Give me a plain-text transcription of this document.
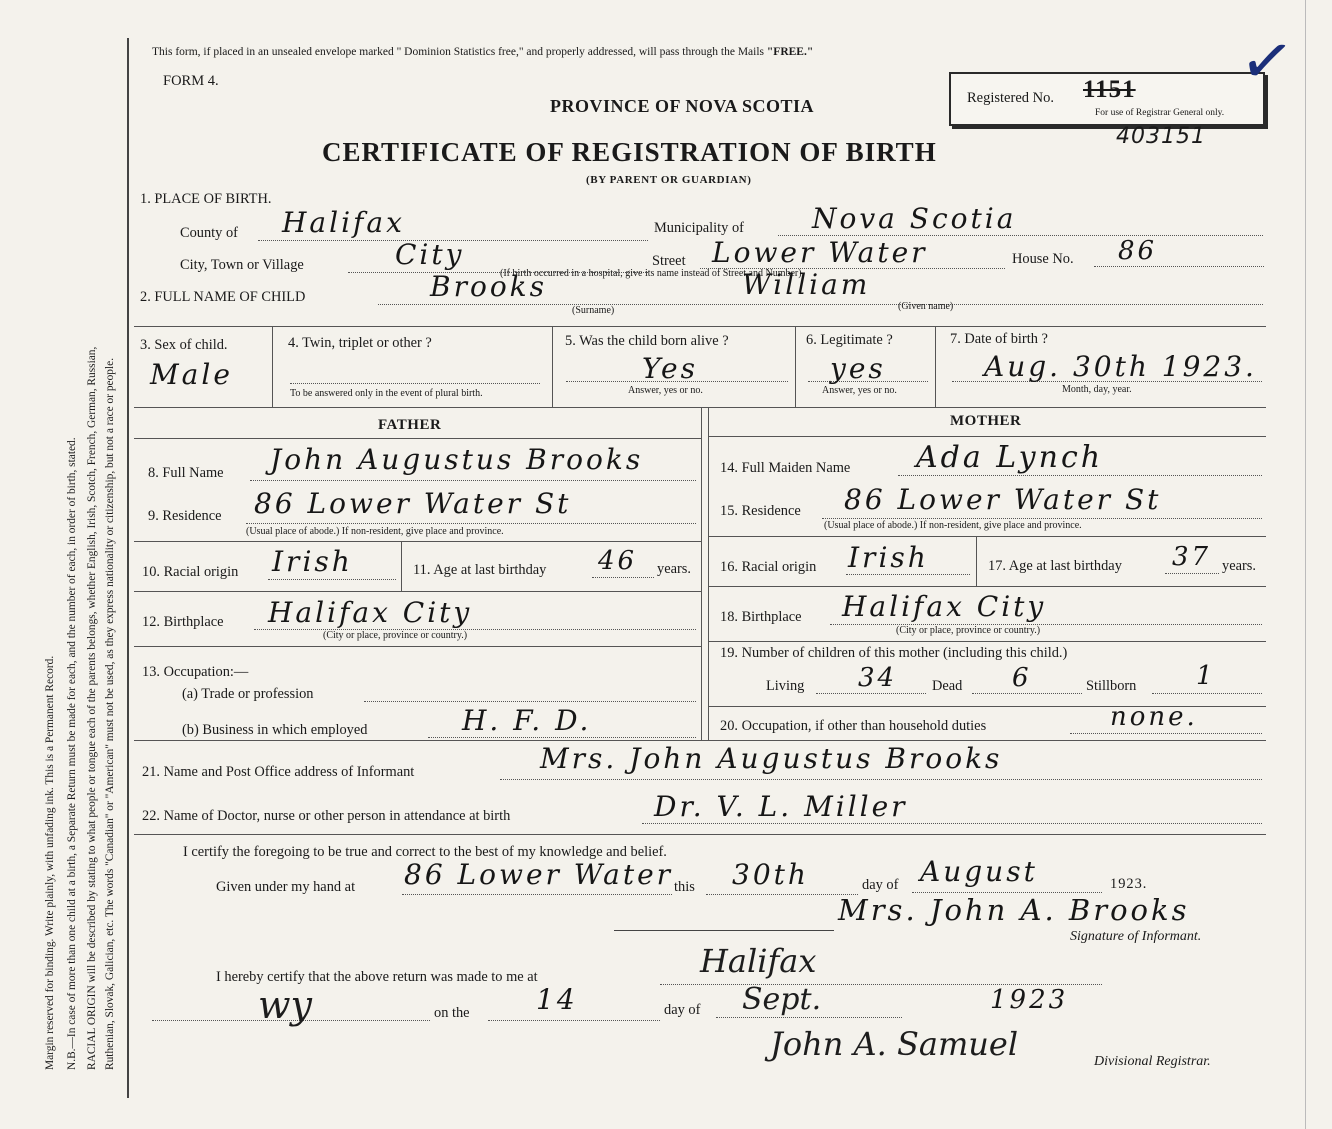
Margin reserved for binding. Write plainly, with unfading ink. This is a Permanent Record. N.B.—In case of more than one child at a birth, a Separate Return must be made for each, and the number of each, in order of birth, stated. RACIAL ORIGIN will be described by stating to what people or tongue each of the parents belongs, whether English, Irish, Scotch, French, German, Russian, Ruthenian, Slovak, Galician, etc. The words "Canadian" or "American" must not be used, as they express nationality or citizenship, but not a race or people.
This form, if placed in an unsealed envelope marked " Dominion Statistics free," and properly addressed, will pass through the Mails "FREE."
FORM 4.
PROVINCE OF NOVA SCOTIA
CERTIFICATE OF REGISTRATION OF BIRTH
(BY PARENT OR GUARDIAN)
Registered No. 1151
For use of Registrar General only.
✓
403151
1. PLACE OF BIRTH.
County of Halifax	Municipality of Nova Scotia
City, Town or Village	City	Street Lower Water
(If birth occurred in a hospital, give its name instead of Street and Number)
House No. 86
2. FULL NAME OF CHILD	Brooks	William
(Surname)	(Given name)
3. Sex of child.
Male
4. Twin, triplet or other ?
To be answered only in the event of plural birth.
5. Was the child born alive ?
Yes
Answer, yes or no.
6. Legitimate ?
yes
Answer, yes or no.
7. Date of birth ?
Aug. 30th 1923.
Month, day, year.
FATHER	MOTHER
8. Full Name John Augustus Brooks
9. Residence 86 Lower Water St
(Usual place of abode.) If non-resident, give place and province.
10. Racial origin Irish	11. Age at last birthday 46 years.
12. Birthplace Halifax City
(City or place, province or country.)
13. Occupation:—
(a) Trade or profession
(b) Business in which employed	H. F. D.
14. Full Maiden Name Ada Lynch
15. Residence 86 Lower Water St
(Usual place of abode.) If non-resident, give place and province.
16. Racial origin Irish	17. Age at last birthday 37 years.
18. Birthplace Halifax City
(City or place, province or country.)
19. Number of children of this mother (including this child.)
Living 34 Dead 6	Stillborn 1
20. Occupation, if other than household duties	none.
21. Name and Post Office address of Informant	Mrs. John Augustus Brooks
22. Name of Doctor, nurse or other person in attendance at birth	Dr. V. L. Miller
I certify the foregoing to be true and correct to the best of my knowledge and belief.
Given under my hand at 86 Lower Water this 30th	day of August	1923.
Mrs. John A. Brooks
Signature of Informant.
I hereby certify that the above return was made to me at	Halifax
wy	on the 14	day of Sept.	1923
John A. Samuel	Divisional Registrar.
